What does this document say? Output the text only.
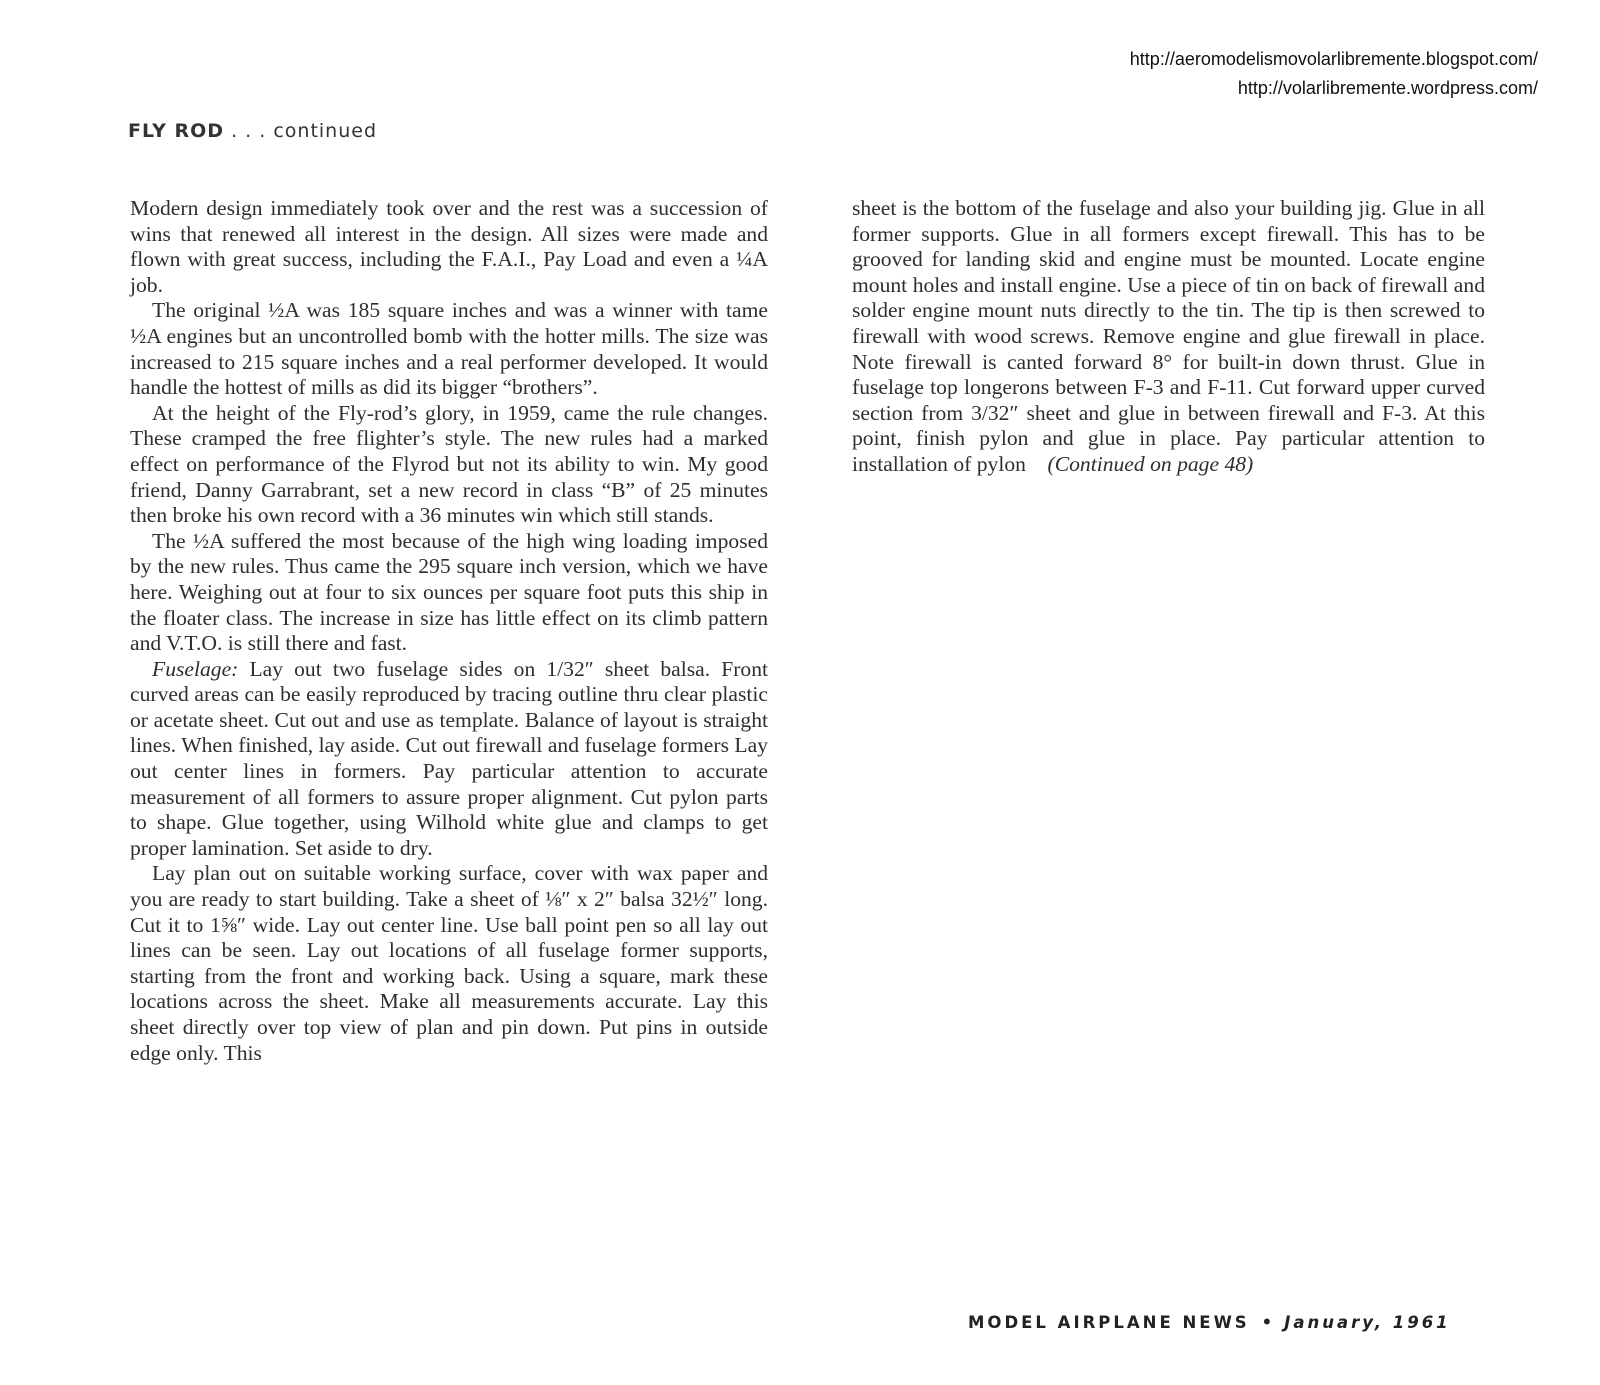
http://aeromodelismovolarlibremente.blogspot.com/
http://volarlibremente.wordpress.com/
FLY ROD . . . continued

Modern design immediately took over and the rest was a succession of wins that renewed all interest in the design. All sizes were made and flown with great success, including the F.A.I., Pay Load and even a ¼A job.

The original ½A was 185 square inches and was a winner with tame ½A engines but an uncontrolled bomb with the hotter mills. The size was increased to 215 square inches and a real performer developed. It would handle the hottest of mills as did its bigger “brothers”.

At the height of the Fly-rod’s glory, in 1959, came the rule changes. These cramped the free flighter’s style. The new rules had a marked effect on performance of the Flyrod but not its ability to win. My good friend, Danny Garrabrant, set a new record in class “B” of 25 minutes then broke his own record with a 36 minutes win which still stands.

The ½A suffered the most because of the high wing loading imposed by the new rules. Thus came the 295 square inch version, which we have here. Weighing out at four to six ounces per square foot puts this ship in the floater class. The increase in size has little effect on its climb pattern and V.T.O. is still there and fast.

Fuselage: Lay out two fuselage sides on 1/32″ sheet balsa. Front curved areas can be easily reproduced by tracing outline thru clear plastic or acetate sheet. Cut out and use as template. Balance of layout is straight lines. When finished, lay aside. Cut out firewall and fuselage formers Lay out center lines in formers. Pay particular attention to accurate measurement of all formers to assure proper alignment. Cut pylon parts to shape. Glue together, using Wilhold white glue and clamps to get proper lamination. Set aside to dry.

Lay plan out on suitable working surface, cover with wax paper and you are ready to start building. Take a sheet of ⅛″ x 2″ balsa 32½″ long. Cut it to 1⅝″ wide. Lay out center line. Use ball point pen so all lay out lines can be seen. Lay out locations of all fuselage former supports, starting from the front and working back. Using a square, mark these locations across the sheet. Make all measurements accurate. Lay this sheet directly over top view of plan and pin down. Put pins in outside edge only. This

sheet is the bottom of the fuselage and also your building jig. Glue in all former supports. Glue in all formers except firewall. This has to be grooved for landing skid and engine must be mounted. Locate engine mount holes and install engine. Use a piece of tin on back of firewall and solder engine mount nuts directly to the tin. The tip is then screwed to firewall with wood screws. Remove engine and glue firewall in place. Note firewall is canted forward 8° for built-in down thrust. Glue in fuselage top longerons between F-3 and F-11. Cut forward upper curved section from 3/32″ sheet and glue in between firewall and F-3. At this point, finish pylon and glue in place. Pay particular attention to installation of pylon (Continued on page 48)

MODEL AIRPLANE NEWS • January, 1961
